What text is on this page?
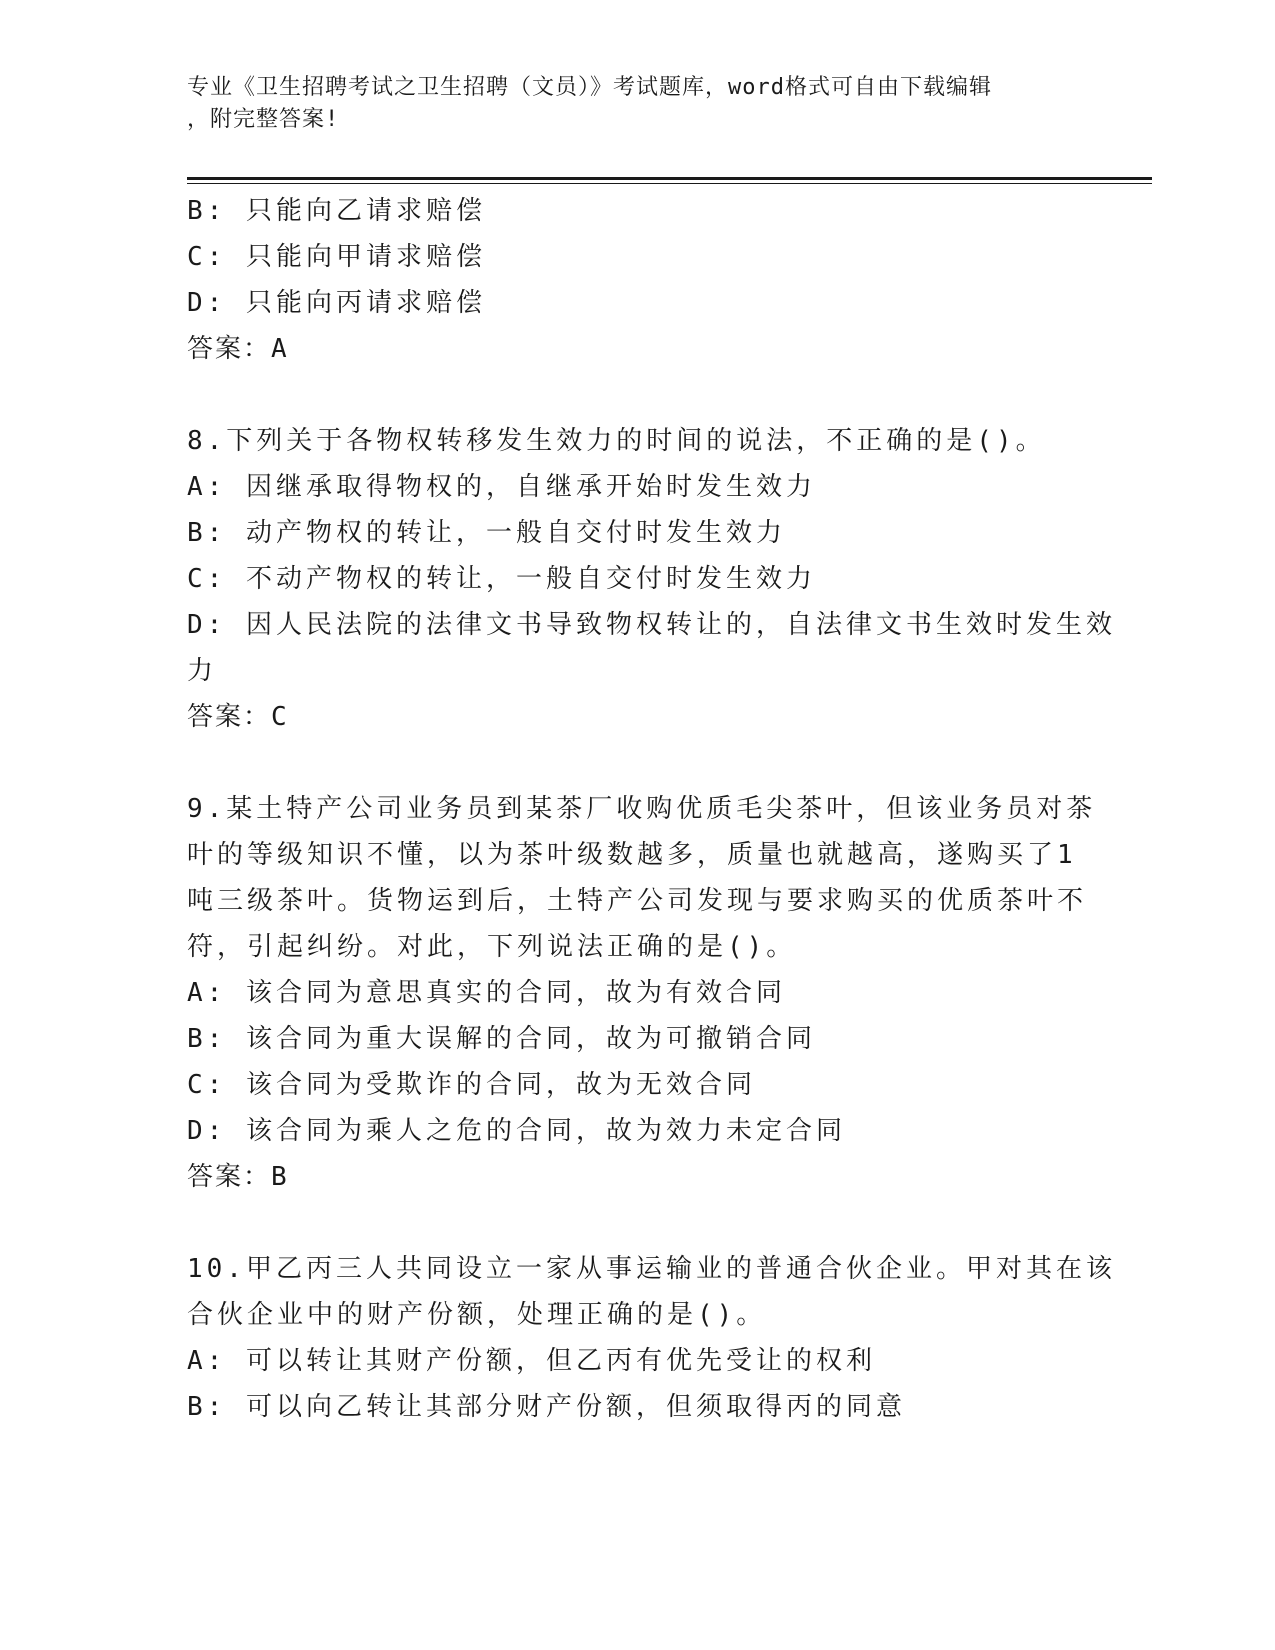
专业《卫生招聘考试之卫生招聘（文员）》考试题库，word格式可自由下载编辑
，附完整答案!
B: 只能向乙请求赔偿
C: 只能向甲请求赔偿
D: 只能向丙请求赔偿
答案：A
8.下列关于各物权转移发生效力的时间的说法，不正确的是()。
A: 因继承取得物权的，自继承开始时发生效力
B: 动产物权的转让，一般自交付时发生效力
C: 不动产物权的转让，一般自交付时发生效力
D: 因人民法院的法律文书导致物权转让的，自法律文书生效时发生效
力
答案：C
9.某土特产公司业务员到某茶厂收购优质毛尖茶叶，但该业务员对茶
叶的等级知识不懂，以为茶叶级数越多，质量也就越高，遂购买了1
吨三级茶叶。货物运到后，土特产公司发现与要求购买的优质茶叶不
符，引起纠纷。对此，下列说法正确的是()。
A: 该合同为意思真实的合同，故为有效合同
B: 该合同为重大误解的合同，故为可撤销合同
C: 该合同为受欺诈的合同，故为无效合同
D: 该合同为乘人之危的合同，故为效力未定合同
答案：B
10.甲乙丙三人共同设立一家从事运输业的普通合伙企业。甲对其在该
合伙企业中的财产份额，处理正确的是()。
A: 可以转让其财产份额，但乙丙有优先受让的权利
B: 可以向乙转让其部分财产份额，但须取得丙的同意
